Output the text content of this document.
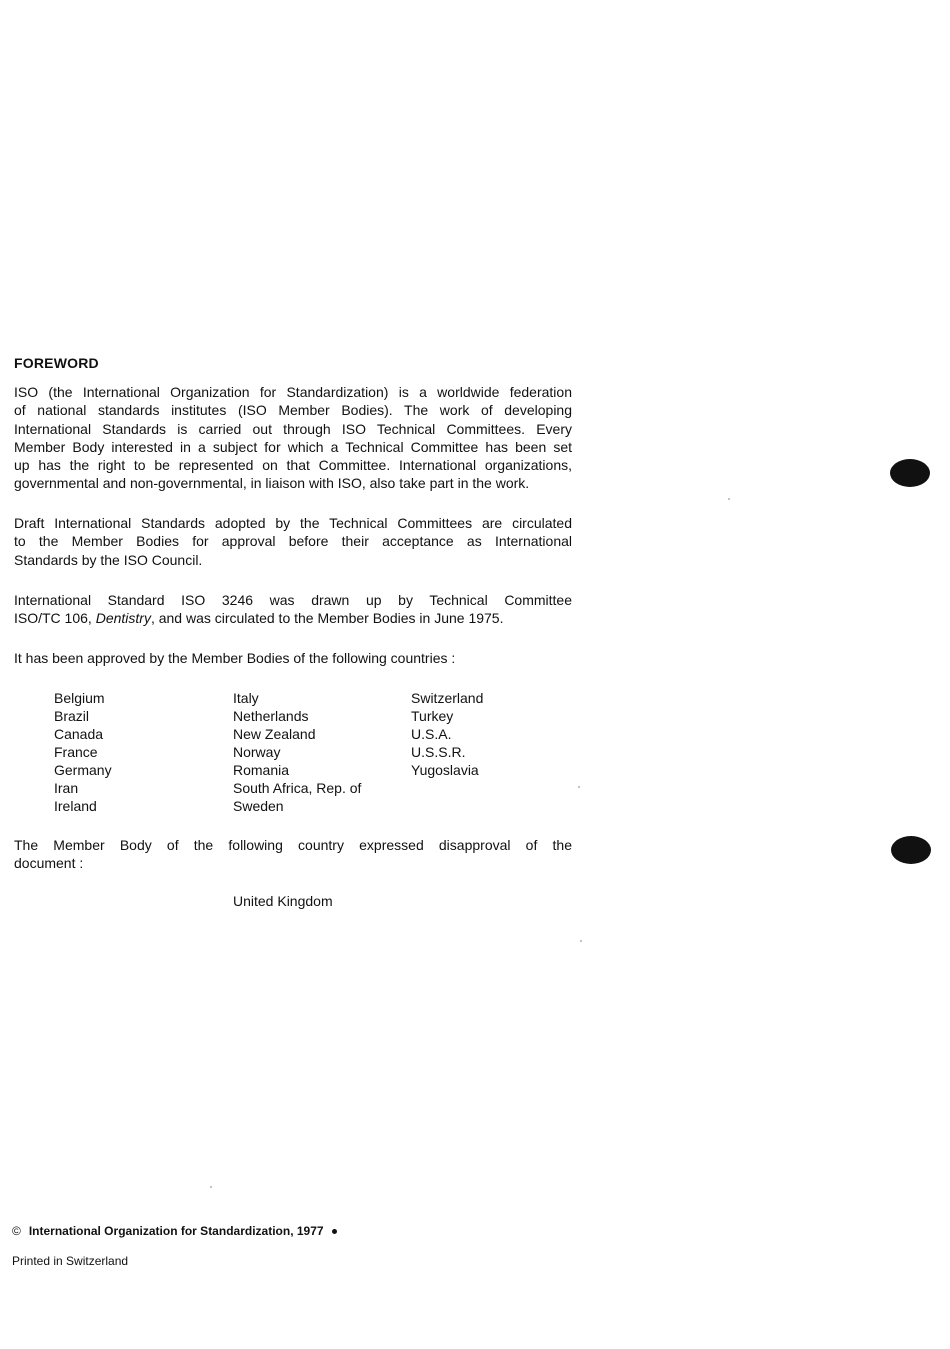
FOREWORD

ISO (the International Organization for Standardization) is a worldwide federation
of national standards institutes (ISO Member Bodies). The work of developing
International Standards is carried out through ISO Technical Committees. Every
Member Body interested in a subject for which a Technical Committee has been set
up has the right to be represented on that Committee. International organizations,
governmental and non-governmental, in liaison with ISO, also take part in the work.

Draft International Standards adopted by the Technical Committees are circulated
to the Member Bodies for approval before their acceptance as International
Standards by the ISO Council.

International Standard ISO 3246 was drawn up by Technical Committee
ISO/TC 106, Dentistry, and was circulated to the Member Bodies in June 1975.

It has been approved by the Member Bodies of the following countries :

Belgium
Brazil
Canada
France
Germany
Iran
Ireland
Italy
Netherlands
New Zealand
Norway
Romania
South Africa, Rep. of
Sweden
Switzerland
Turkey
U.S.A.
U.S.S.R.
Yugoslavia

The Member Body of the following country expressed disapproval of the
document :

United Kingdom
© International Organization for Standardization, 1977
Printed in Switzerland
